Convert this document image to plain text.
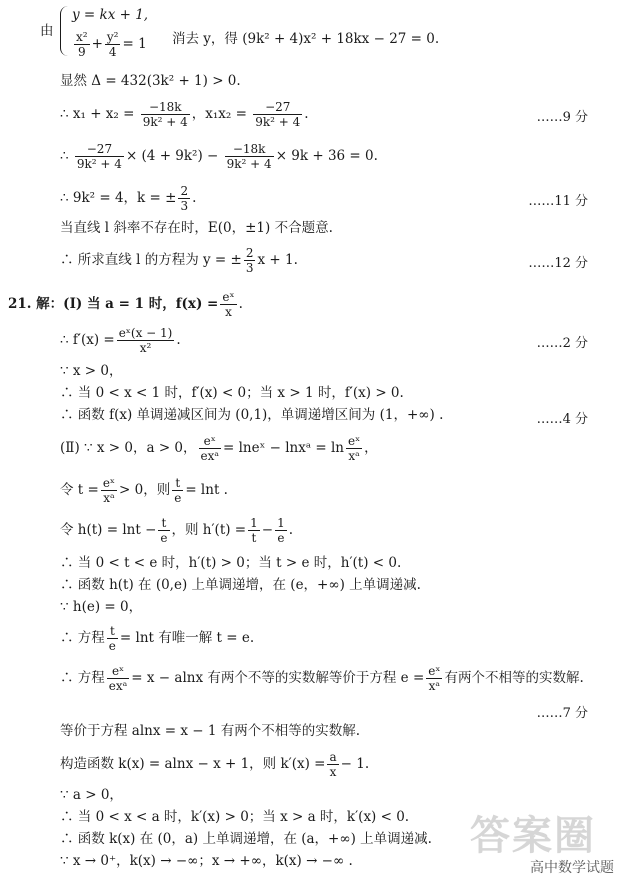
由
y = kx + 1,
$\frac{\text{x²}}{9} + \frac{\text{y²}}{4} = 1$ 消去 y，得 (9k² + 4)x² + 18kx − 27 = 0.
显然 Δ = 432(3k² + 1) > 0.
∴ $x_1 + x_2 = \frac{-18k}{\text{9k² + 4}}$ ，$x_1x_2 = \frac{-27}{\text{9k² + 4}}$ .	……9 分
∴ $\frac{-27}{\text{9k² + 4}} \times (4 + 9k^2) - \frac{-18k}{\text{9k² + 4}} \times 9k + 36 = 0$.
∴ 9k² = 4，k = ± $\frac{2}{3}$ .	……11 分
当直线 l 斜率不存在时，E(0，±1) 不合题意.
∴ 所求直线 l 的方程为 y = ± $\frac{2}{3}$ x + 1.	……12 分
21. 解：(Ⅰ) 当 a = 1 时，$f(x) = \frac{\text{eˣ}}{x}$ .
∴ $f'(x) = \frac{\text{eˣ(x − 1)}}{\text{x²}}$ .	……2 分
∵ x > 0，
∴ 当 0 < x < 1 时，f′(x) < 0；当 x > 1 时，f′(x) > 0.
∴ 函数 f(x) 单调递减区间为 (0,1)，单调递增区间为 (1，+∞) .	……4 分
(Ⅱ) ∵ x > 0，a > 0， eˣ
exᵃ = lneˣ − lnxᵃ = $\ln \frac{\text{eˣ}}{\text{xᵃ}}$ ，
令 $t = \frac{\text{eˣ}}{\text{xᵃ}} > 0$，则 $\frac{t}{e} = \ln t$ .
令 $h(t) = \ln t - \frac{t}{e}$ ，则 $h'(t) = \frac{1}{t} - \frac{1}{e}$ .
∴ 当 0 < t < e 时，h′(t) > 0；当 t > e 时，h′(t) < 0.
∴ 函数 h(t) 在 (0,e) 上单调递增，在 (e，+∞) 上单调递减.
∵ h(e) = 0，
∴ 方程 $\frac{t}{e} = \ln t$ 有唯一解 t = e.
∴ 方程 eˣ
exᵃ = x − alnx 有两个不等的实数解等价于方程 $e = \frac{\text{eˣ}}{\text{xᵃ}}$ 有两个不相等的实数解.
……7 分
等价于方程 alnx = x − 1 有两个不相等的实数解.
构造函数 k(x) = alnx − x + 1，则 $k'(x) = \frac{a}{x} - 1$.
∵ a > 0，
∴ 当 0 < x < a 时，k′(x) > 0；当 x > a 时，k′(x) < 0.
∴ 函数 k(x) 在 (0，a) 上单调递增，在 (a，+∞) 上单调递减.
∵ x → 0⁺，k(x) → −∞；x → +∞，k(x) → −∞ .
答案圈
高中数学试题
